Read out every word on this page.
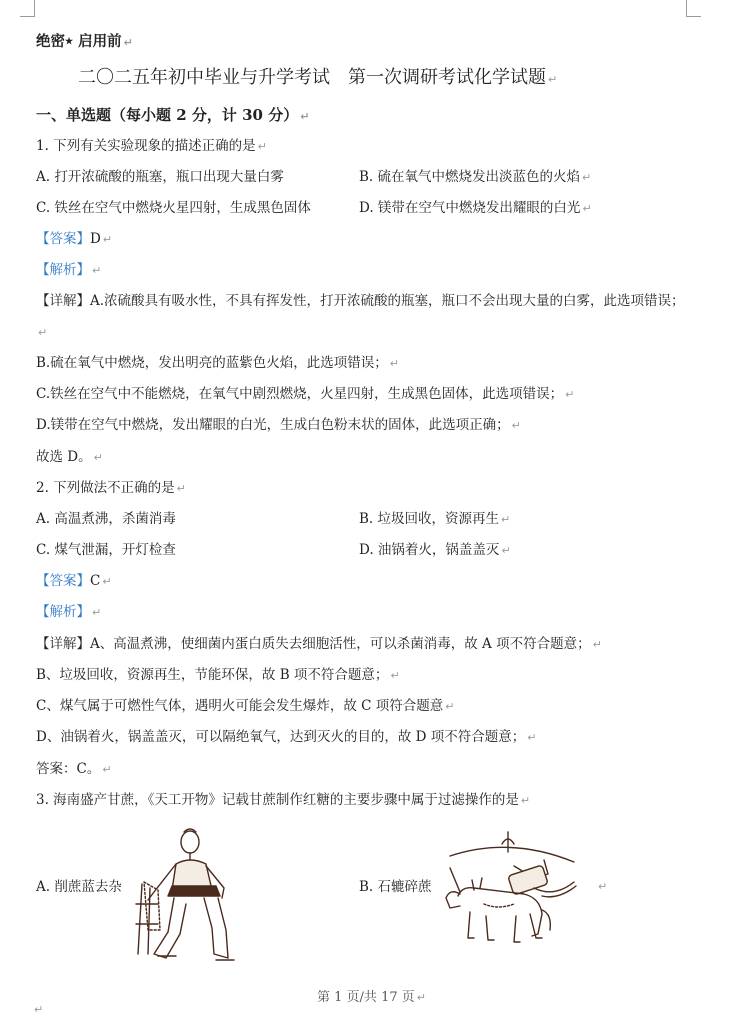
绝密★ 启用前 ↵
二〇二五年初中毕业与升学考试　第一次调研考试化学试题 ↵
一、单选题（每小题 2 分，计 30 分） ↵
1. 下列有关实验现象的描述正确的是 ↵
A. 打开浓硫酸的瓶塞，瓶口出现大量白雾	B. 硫在氧气中燃烧发出淡蓝色的火焰 ↵
C. 铁丝在空气中燃烧火星四射，生成黑色固体	D. 镁带在空气中燃烧发出耀眼的白光 ↵
【答案】D ↵
【解析】 ↵
【详解】A.浓硫酸具有吸水性，不具有挥发性，打开浓硫酸的瓶塞，瓶口不会出现大量的白雾，此选项错误；↵
B.硫在氧气中燃烧，发出明亮的蓝紫色火焰，此选项错误； ↵
C.铁丝在空气中不能燃烧，在氧气中剧烈燃烧，火星四射，生成黑色固体，此选项错误； ↵
D.镁带在空气中燃烧，发出耀眼的白光，生成白色粉末状的固体，此选项正确； ↵
故选 D。 ↵
2. 下列做法不正确的是 ↵
A. 高温煮沸，杀菌消毒	B. 垃圾回收，资源再生 ↵
C. 煤气泄漏，开灯检查	D. 油锅着火，锅盖盖灭 ↵
【答案】C ↵
【解析】 ↵
【详解】A、高温煮沸，使细菌内蛋白质失去细胞活性，可以杀菌消毒，故 A 项不符合题意； ↵
B、垃圾回收，资源再生，节能环保，故 B 项不符合题意； ↵
C、煤气属于可燃性气体，遇明火可能会发生爆炸，故 C 项符合题意 ↵
D、油锅着火，锅盖盖灭，可以隔绝氧气，达到灭火的目的，故 D 项不符合题意； ↵
答案：C。 ↵
3. 海南盛产甘蔗，《天工开物》记载甘蔗制作红糖的主要步骤中属于过滤操作的是 ↵
A. 削蔗蓝去杂	B. 石辘碎蔗	↵
第 1 页/共 17 页 ↵
↵
